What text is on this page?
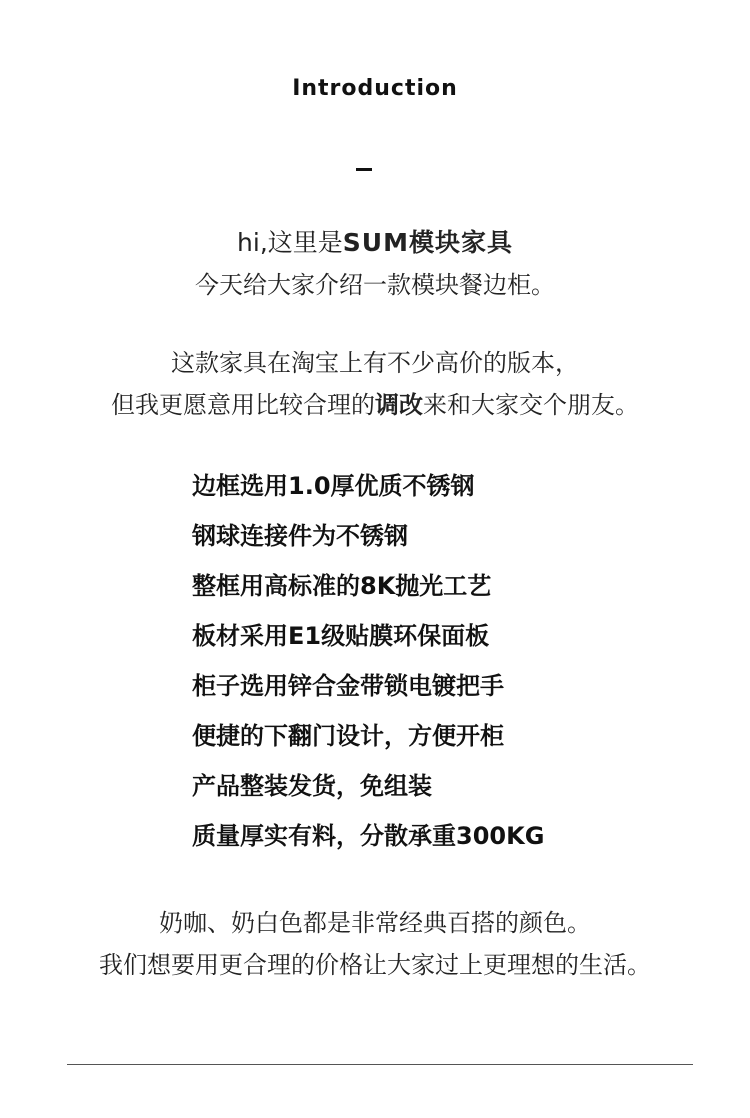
Introduction
hi,这里是SUM模块家具
今天给大家介绍一款模块餐边柜。
这款家具在淘宝上有不少高价的版本，
但我更愿意用比较合理的调改来和大家交个朋友。
边框选用1.0厚优质不锈钢
钢球连接件为不锈钢
整框用高标准的8K抛光工艺
板材采用E1级贴膜环保面板
柜子选用锌合金带锁电镀把手
便捷的下翻门设计，方便开柜
产品整装发货，免组装
质量厚实有料，分散承重300KG
奶咖、奶白色都是非常经典百搭的颜色。
我们想要用更合理的价格让大家过上更理想的生活。
